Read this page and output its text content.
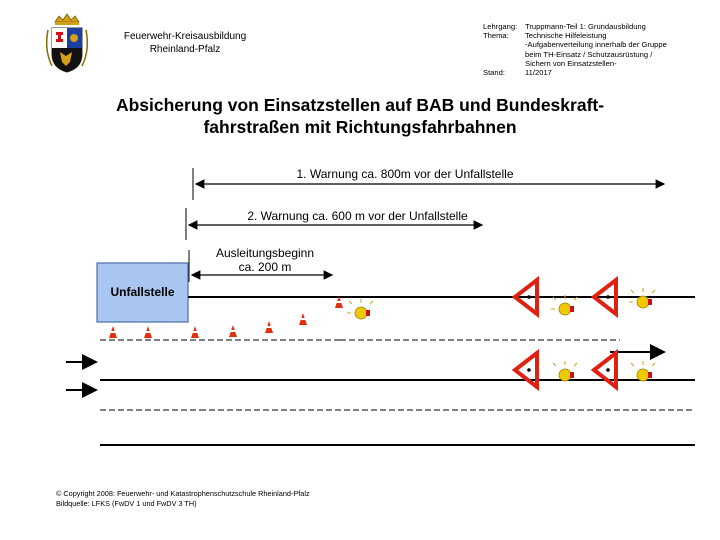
Feuerwehr-Kreisausbildung
Rheinland-Pfalz
Lehrgang:	Truppmann-Teil 1: Grundausbildung
Thema:	Technische Hilfeleistung
-Aufgabenverteilung innerhalb der Gruppe
beim TH-Einsatz / Schutzausrüstung /
Sichern von Einsatzstellen-
Stand:	11/2017
Absicherung von Einsatzstellen auf BAB und Bundeskraft-
fahrstraßen mit Richtungsfahrbahnen
1. Warnung ca. 800m vor der Unfallstelle
2. Warnung ca. 600 m vor der Unfallstelle
Ausleitungsbeginn
ca. 200 m
Unfallstelle
© Copyright 2008: Feuerwehr- und Katastrophenschutzschule Rheinland-Pfalz
Bildquelle: LFKS (FwDV 1 und FwDV 3 TH)
